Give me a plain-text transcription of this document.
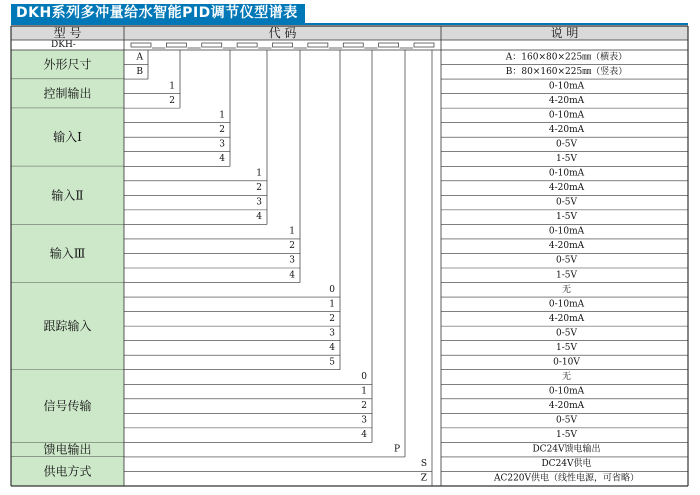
DKH系列多冲量给水智能PID调节仪型谱表
型 号	代 码	说 明
DKH-
外形尺寸
A	A：160×80×225㎜（横表）
B	B：80×160×225㎜（竖表）
控制输出
1	0-10mA
2	4-20mA
输入Ⅰ
1	0-10mA
2	4-20mA
3	0-5V
4	1-5V
输入Ⅱ
1	0-10mA
2	4-20mA
3	0-5V
4	1-5V
输入Ⅲ
1	0-10mA
2	4-20mA
3	0-5V
4	1-5V
跟踪输入
0	无
1	0-10mA
2	4-20mA
3	0-5V
4	1-5V
5	0-10V
信号传输
0	无
1	0-10mA
2	4-20mA
3	0-5V
4	1-5V
馈电输出	P	DC24V馈电输出
供电方式
S	DC24V供电
Z	AC220V供电（线性电源，可省略）
